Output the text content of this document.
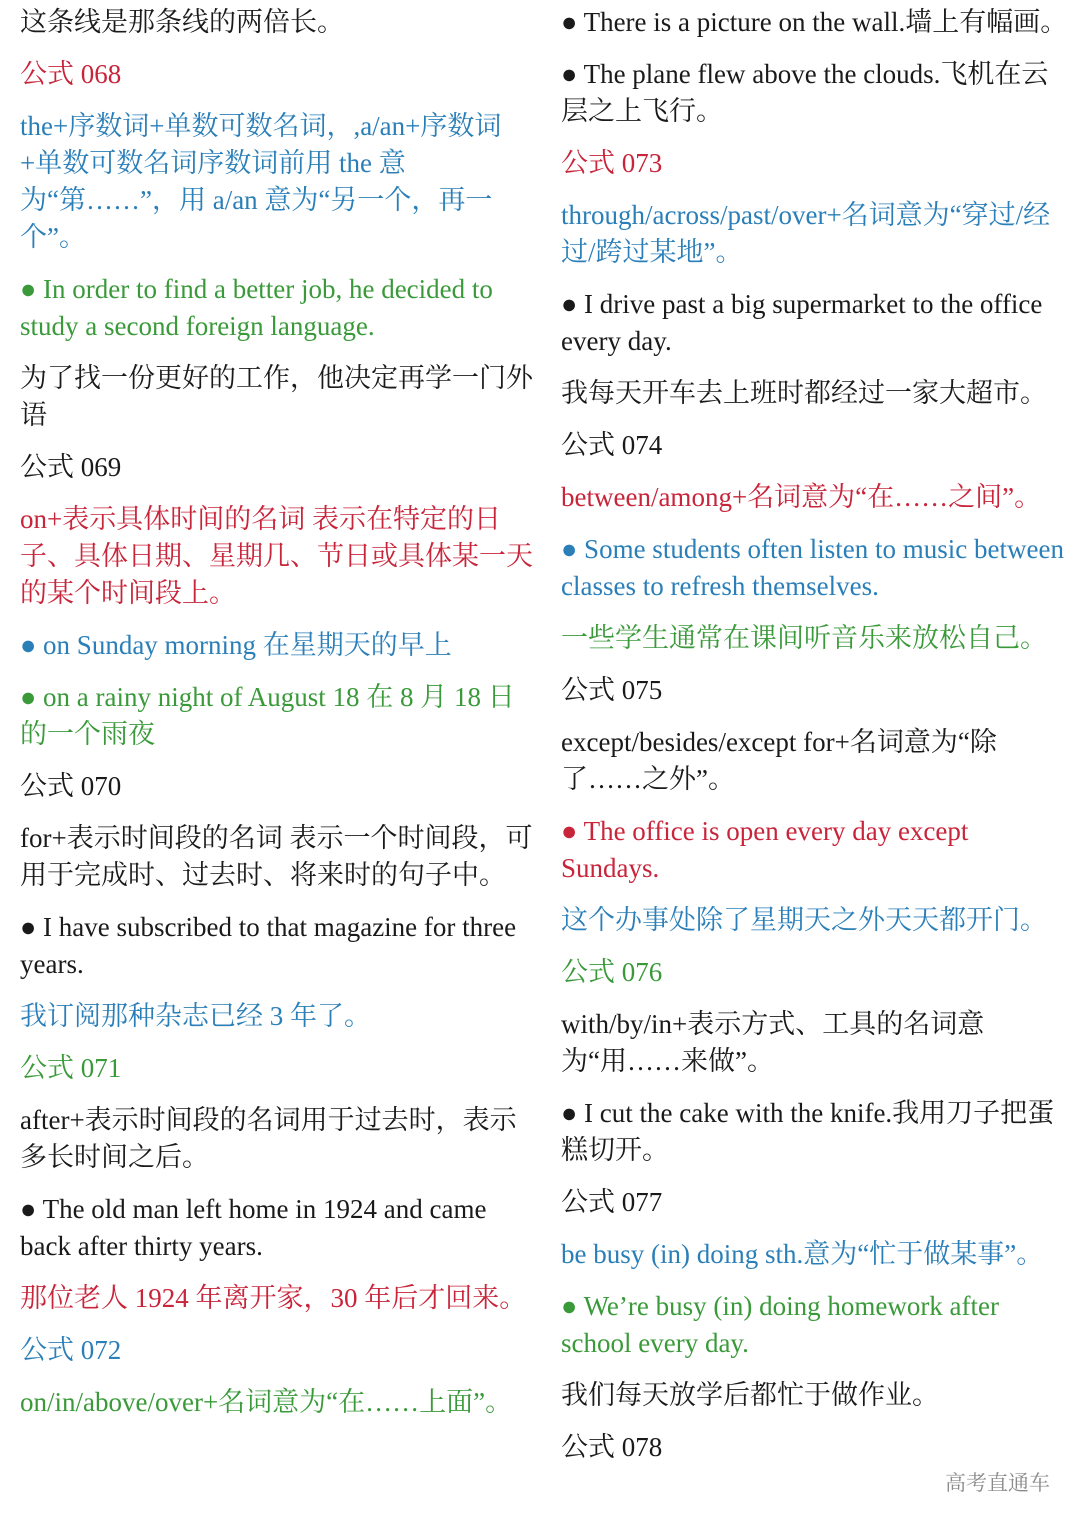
这条线是那条线的两倍长。

公式 068

the+序数词+单数可数名词，,a/an+序数词+单数可数名词序数词前用 the 意为“第……”，用 a/an 意为“另一个，再一个”。

● In order to find a better job, he decided to study a second foreign language.

为了找一份更好的工作，他决定再学一门外语

公式 069

on+表示具体时间的名词 表示在特定的日子、具体日期、星期几、节日或具体某一天的某个时间段上。

● on Sunday morning 在星期天的早上

● on a rainy night of August 18 在 8 月 18 日的一个雨夜

公式 070

for+表示时间段的名词 表示一个时间段，可用于完成时、过去时、将来时的句子中。

● I have subscribed to that magazine for three years.

我订阅那种杂志已经 3 年了。

公式 071

after+表示时间段的名词用于过去时，表示多长时间之后。

● The old man left home in 1924 and came back after thirty years.

那位老人 1924 年离开家，30 年后才回来。

公式 072

on/in/above/over+名词意为“在……上面”。

● There is a picture on the wall.墙上有幅画。

● The plane flew above the clouds.飞机在云层之上飞行。

公式 073

through/across/past/over+名词意为“穿过/经过/跨过某地”。

● I drive past a big supermarket to the office every day.

我每天开车去上班时都经过一家大超市。

公式 074

between/among+名词意为“在……之间”。

● Some students often listen to music between classes to refresh themselves.

一些学生通常在课间听音乐来放松自己。

公式 075

except/besides/except for+名词意为“除了……之外”。

● The office is open every day except Sundays.

这个办事处除了星期天之外天天都开门。

公式 076

with/by/in+表示方式、工具的名词意为“用……来做”。

● I cut the cake with the knife.我用刀子把蛋糕切开。

公式 077

be busy (in) doing sth.意为“忙于做某事”。

● We’re busy (in) doing homework after school every day.

我们每天放学后都忙于做作业。

公式 078

高考直通车
